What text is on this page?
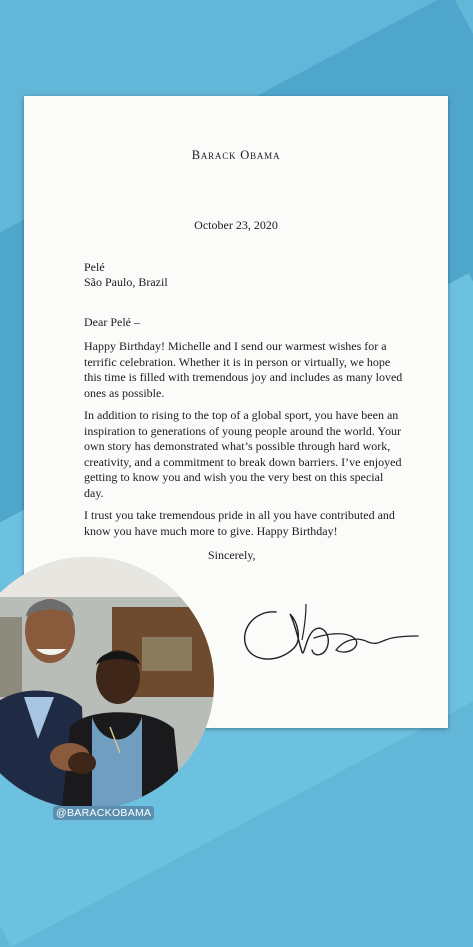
Barack Obama
October 23, 2020
Pelé
São Paulo, Brazil
Dear Pelé –

Happy Birthday! Michelle and I send our warmest wishes for a terrific celebration. Whether it is in person or virtually, we hope this time is filled with tremendous joy and includes as many loved ones as possible.

In addition to rising to the top of a global sport, you have been an inspiration to generations of young people around the world. Your own story has demonstrated what’s possible through hard work, creativity, and a commitment to break down barriers. I’ve enjoyed getting to know you and wish you the very best on this special day.

I trust you take tremendous pride in all you have contributed and know you have much more to give. Happy Birthday!

Sincerely,
@BARACKOBAMA
